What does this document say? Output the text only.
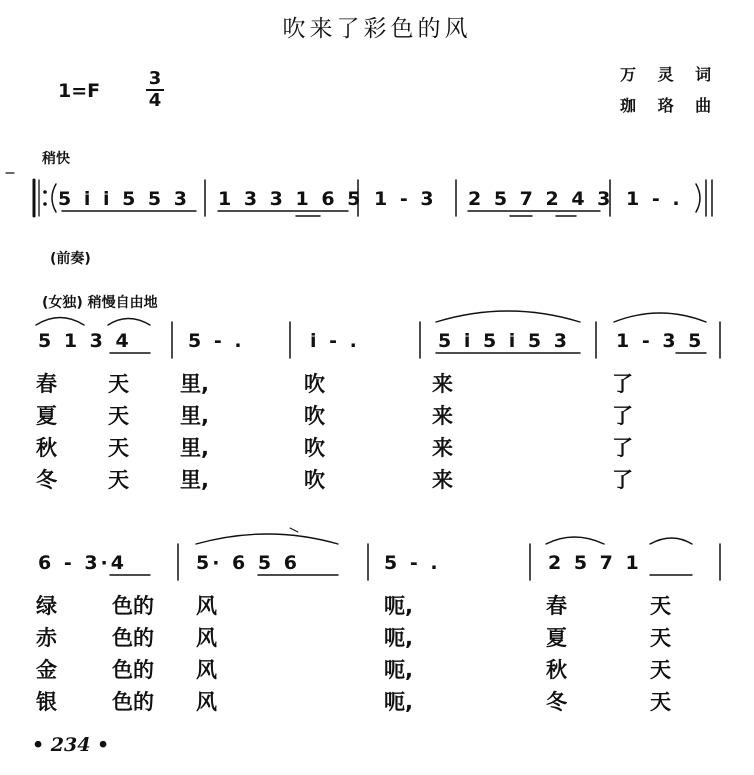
吹来了彩色的风
1=F
3
4
万 灵 词
珈 珞 曲
稍快
5 i i 5 5 3 1 3 3 1 6 5 1 - 3 2 5 7 2 4 3 1 - .
(前奏)
(女独) 稍慢自由地
5 1 3 4	5 - .	i - .	5 i 5 i 5 3 1 - 3 5
春 天 里,	吹	来	了
夏 天 里,	吹	来	了
秋 天 里,	吹	来	了
冬 天 里,	吹	来	了
6 - 3·4	5· 6 5 6	5 - .	2 5 7 1
绿	色的 风	呃,	春	天
赤	色的 风	呃,	夏	天
金	色的 风	呃,	秋	天
银	色的 风	呃,	冬	天
• 234 •
